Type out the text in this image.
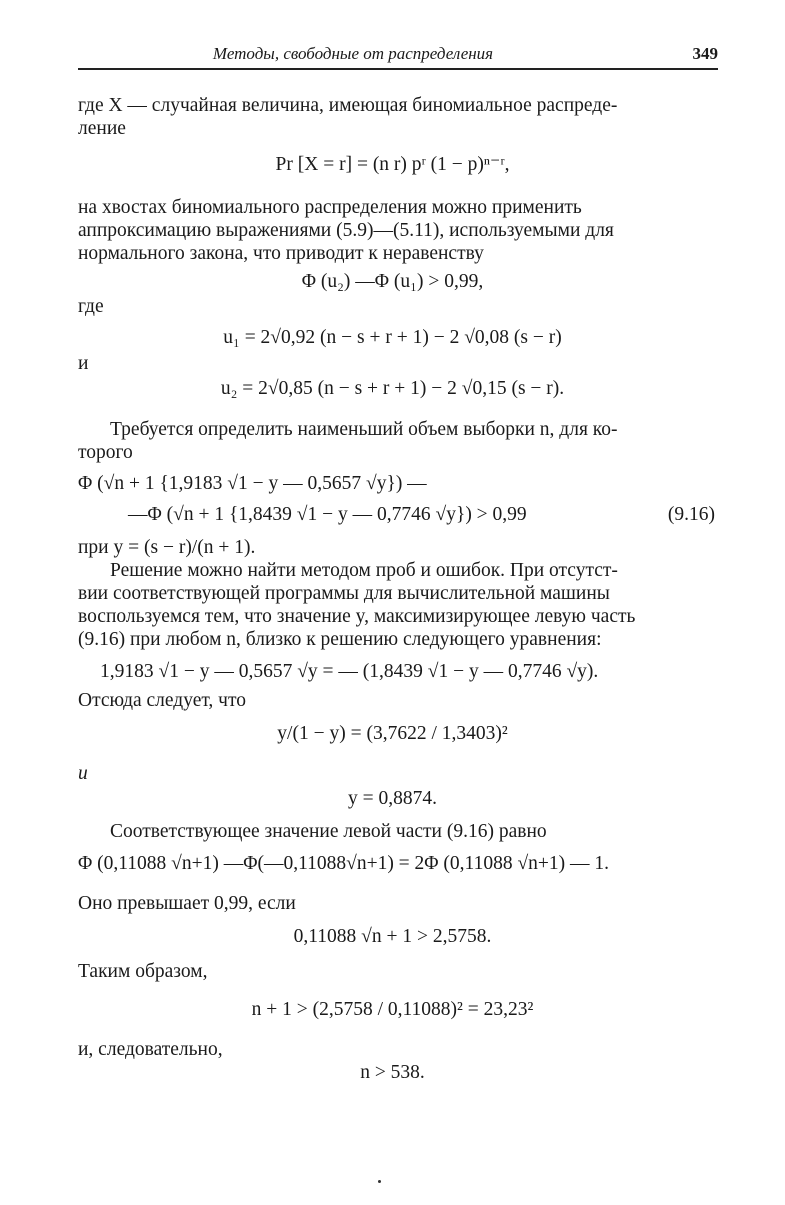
Методы, свободные от распределения	349
где X — случайная величина, имеющая биномиальное распреде-
ление
Pr [X = r] = (n r) pʳ (1 − p)ⁿ⁻ʳ,
на хвостах биномиального распределения можно применить
аппроксимацию выражениями (5.9)—(5.11), используемыми для
нормального закона, что приводит к неравенству
Φ (u₂) —Φ (u₁) > 0,99,
где
u₁ = 2√0,92 (n − s + r + 1) − 2 √0,08 (s − r)
и
u₂ = 2√0,85 (n − s + r + 1) − 2 √0,15 (s − r).
Требуется определить наименьший объем выборки n, для ко-
торого
Φ (√n + 1 {1,9183 √1 − y — 0,5657 √y}) —
—Φ (√n + 1 {1,8439 √1 − y — 0,7746 √y}) > 0,99	(9.16)
при y = (s − r)/(n + 1).
Решение можно найти методом проб и ошибок. При отсутст-
вии соответствующей программы для вычислительной машины
воспользуемся тем, что значение y, максимизирующее левую часть
(9.16) при любом n, близко к решению следующего уравнения:
1,9183 √1 − y — 0,5657 √y = — (1,8439 √1 − y — 0,7746 √y).
Отсюда следует, что
y/(1 − y) = (3,7622 / 1,3403)²
и
y = 0,8874.
Соответствующее значение левой части (9.16) равно
Φ (0,11088 √n+1) —Φ(—0,11088√n+1) = 2Φ (0,11088 √n+1) — 1.
Оно превышает 0,99, если
0,11088 √n + 1 > 2,5758.
Таким образом,
n + 1 > (2,5758 / 0,11088)² = 23,23²
и, следовательно,
n > 538.
